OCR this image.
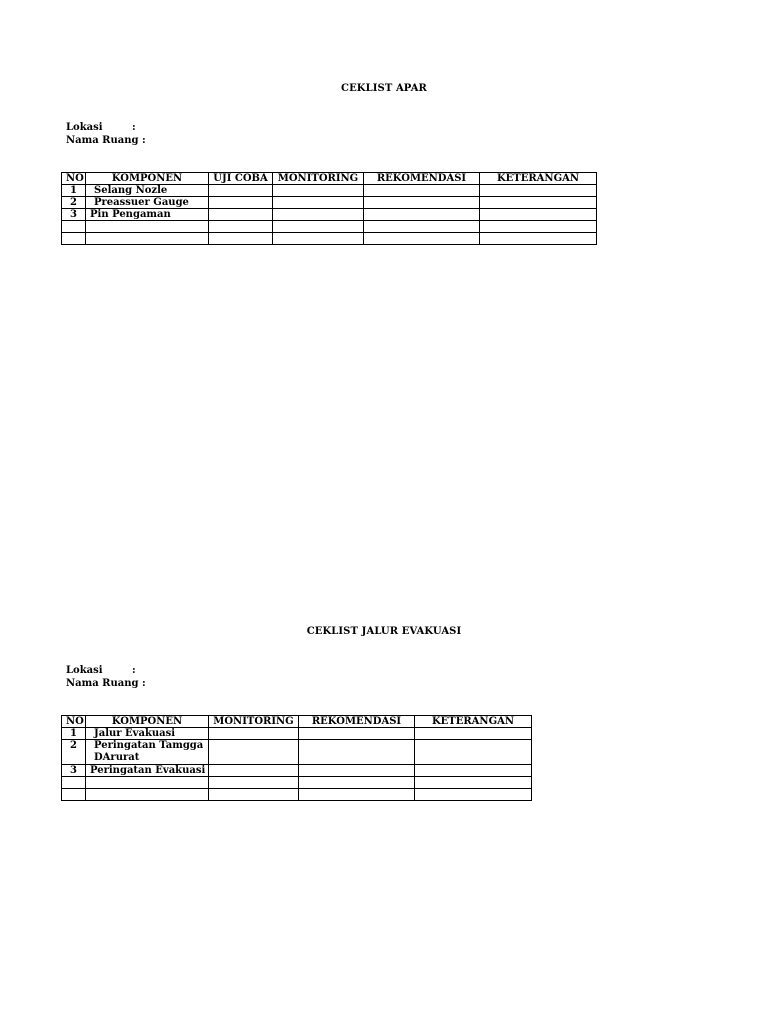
CEKLIST APAR
Lokasi	:
Nama Ruang :
NO	KOMPONEN	UJI COBA	MONITORING	REKOMENDASI	KETERANGAN
1	Selang Nozle				
2	Preassuer Gauge				
3	Pin Pengaman				

CEKLIST JALUR EVAKUASI
Lokasi	:
Nama Ruang :
NO	KOMPONEN	MONITORING	REKOMENDASI	KETERANGAN
1	Jalur Evakuasi			
2	Peringatan Tamgga DArurat			
3	Peringatan Evakuasi			
